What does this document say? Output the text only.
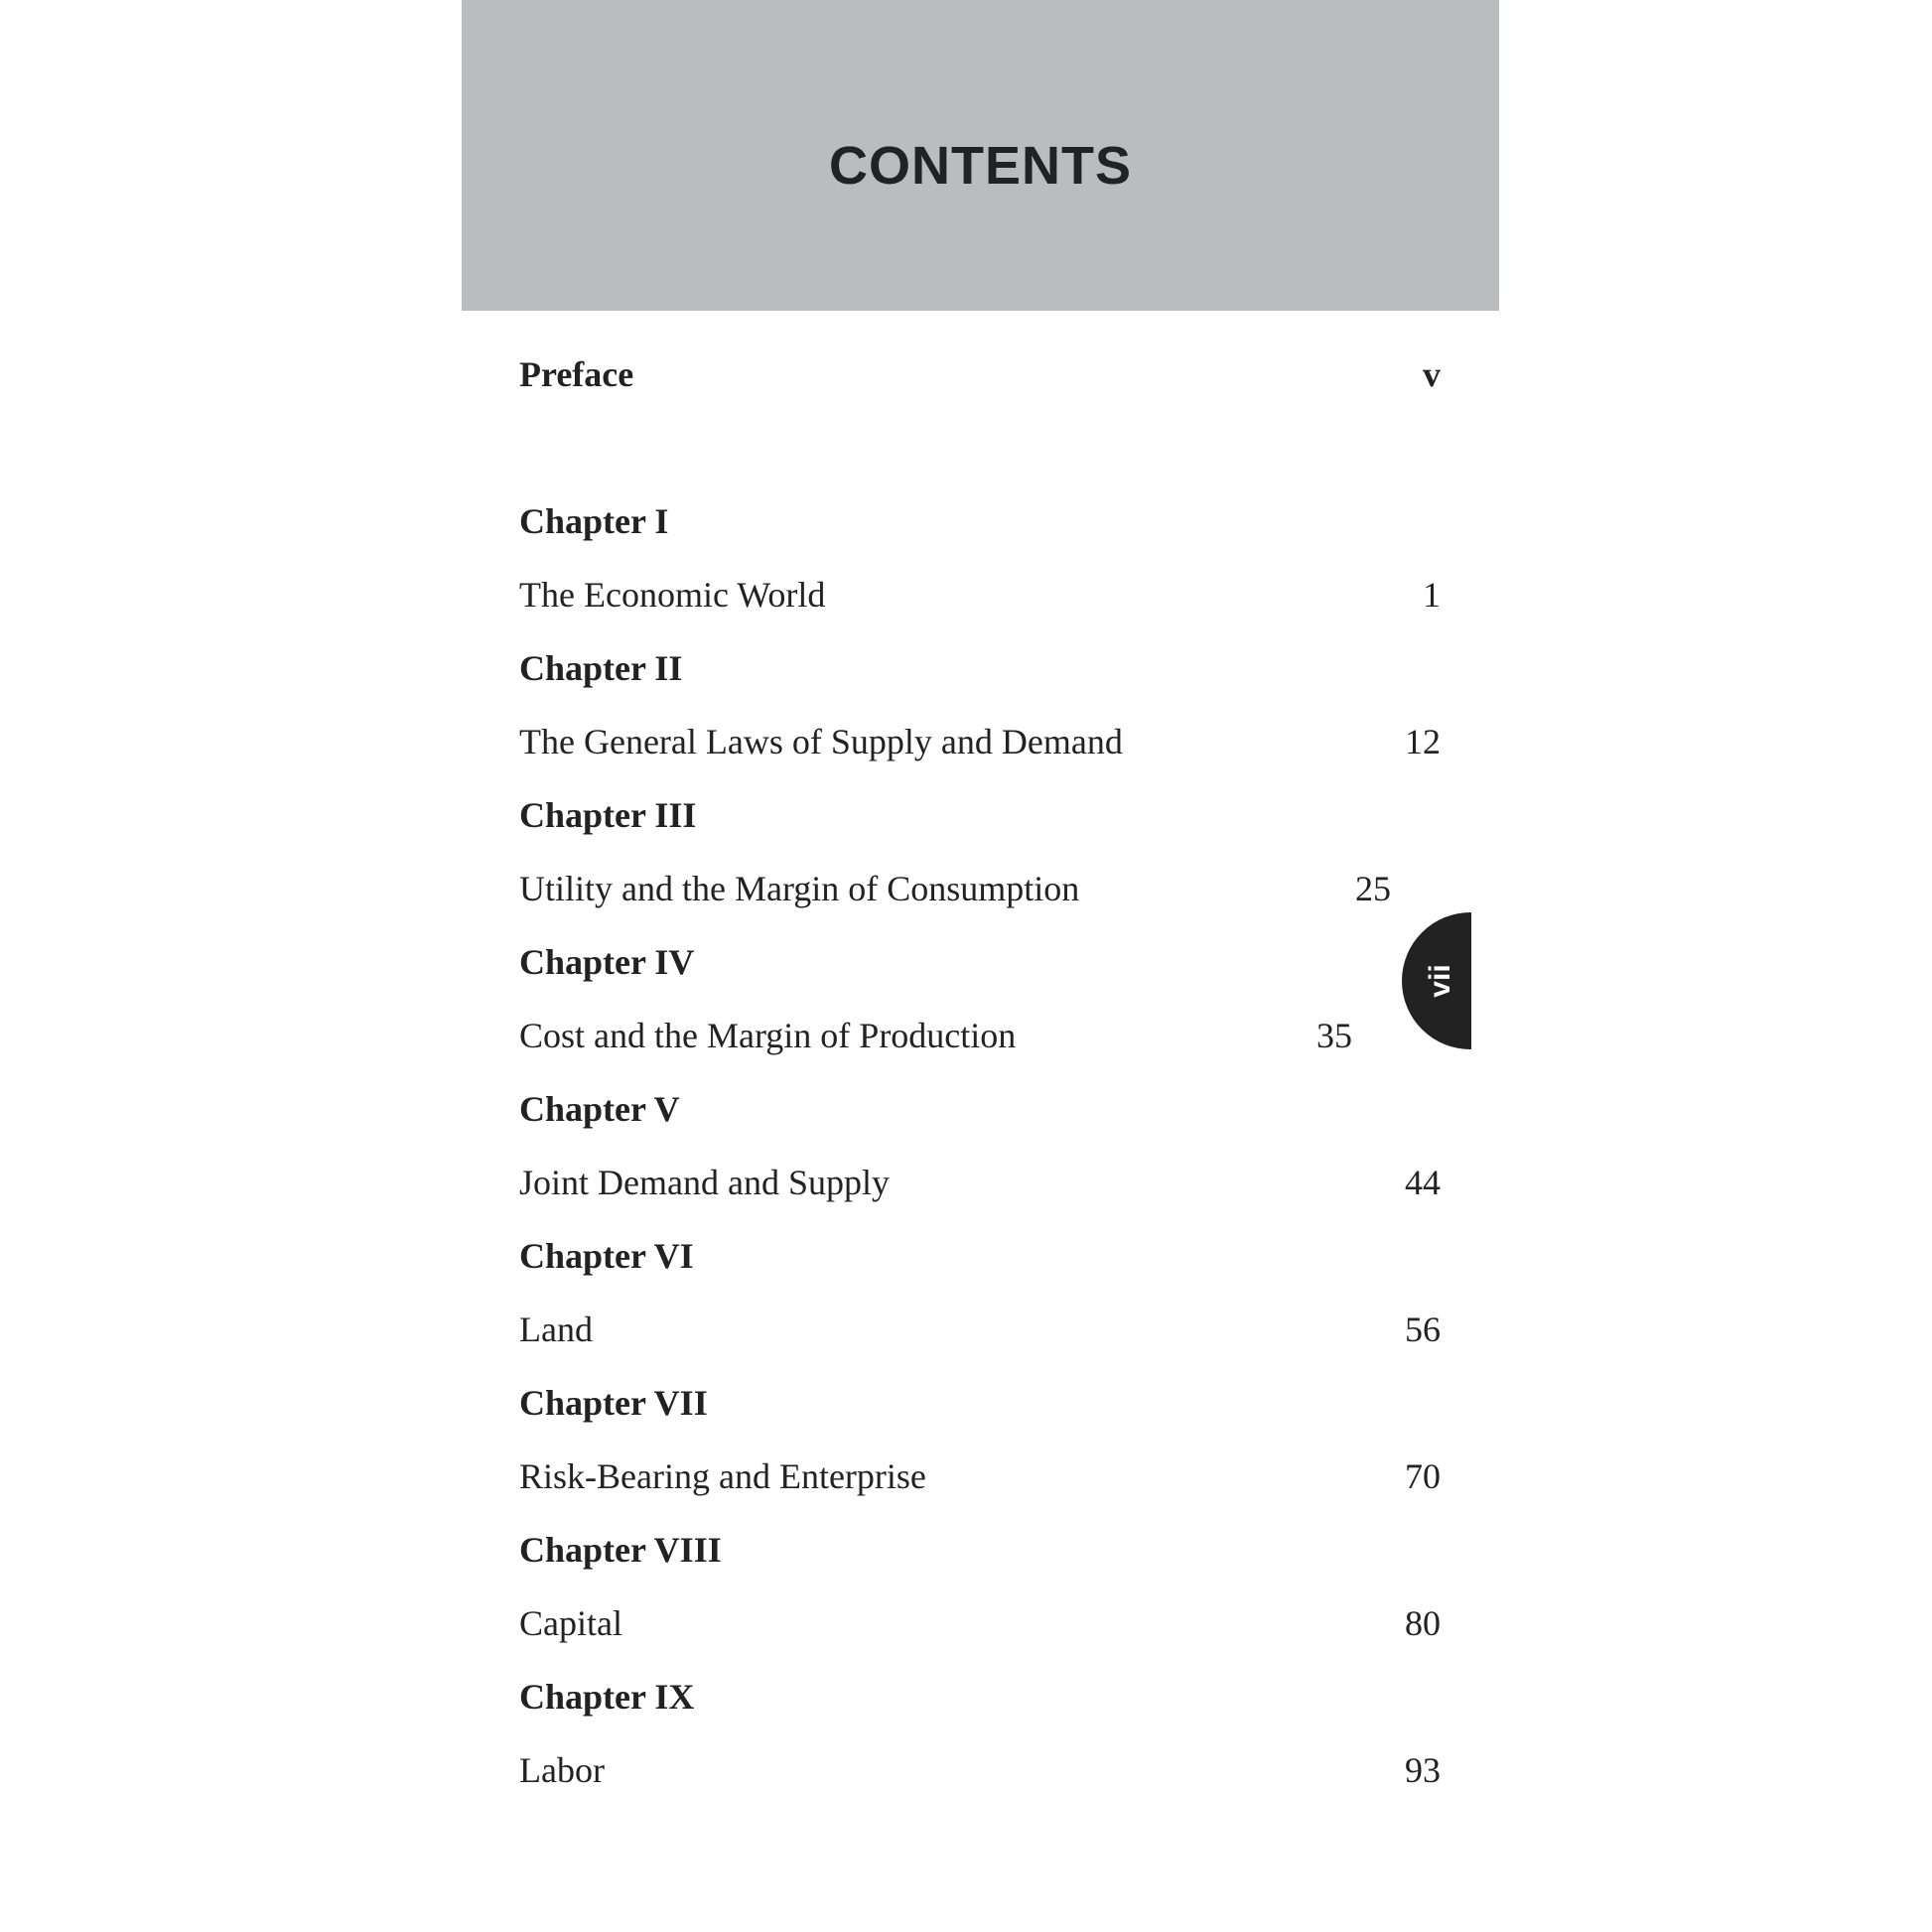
CONTENTS
Preface	v
Chapter I
The Economic World	1
Chapter II
The General Laws of Supply and Demand	12
Chapter III
Utility and the Margin of Consumption	25
Chapter IV
Cost and the Margin of Production	35
Chapter V
Joint Demand and Supply	44
Chapter VI
Land	56
Chapter VII
Risk-Bearing and Enterprise	70
Chapter VIII
Capital	80
Chapter IX
Labor	93
vii
